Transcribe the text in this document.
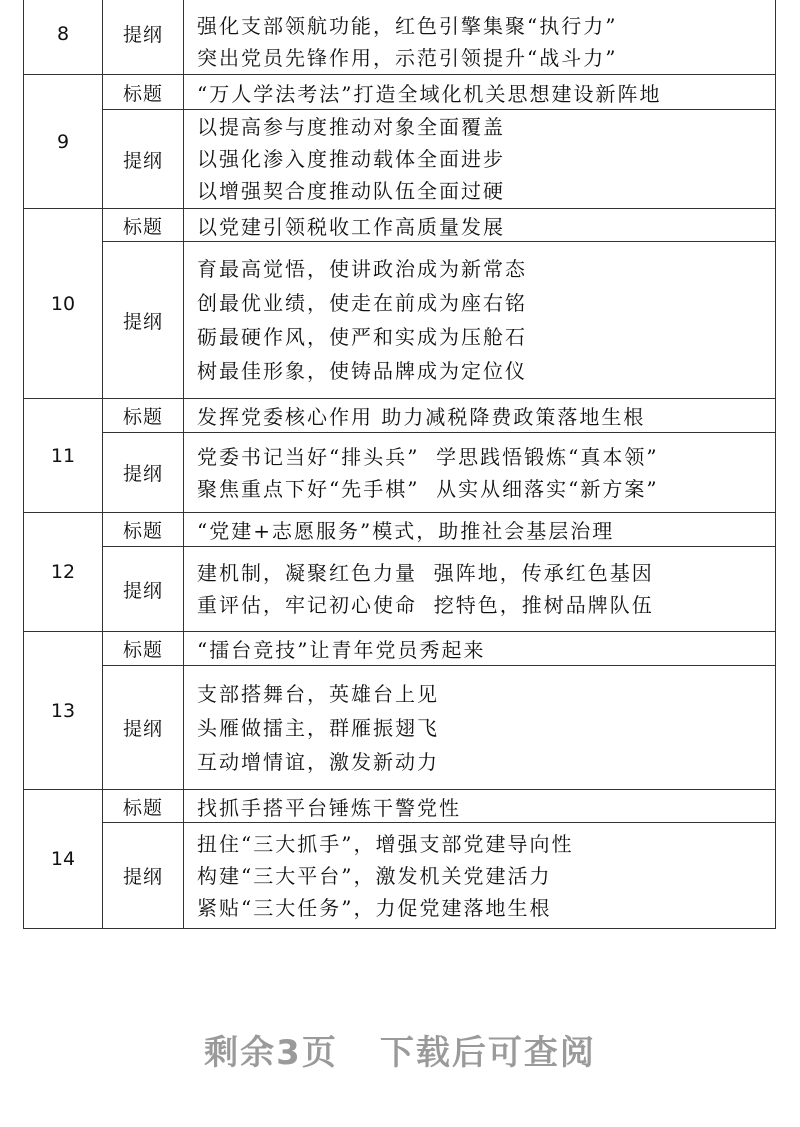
8	提纲	强化支部领航功能，红色引擎集聚“执行力”
突出党员先锋作用，示范引领提升“战斗力”

9	标题	“万人学法考法”打造全域化机关思想建设新阵地
	提纲	以提高参与度推动对象全面覆盖
以强化渗入度推动载体全面进步
以增强契合度推动队伍全面过硬

10	标题	以党建引领税收工作高质量发展
	提纲	育最高觉悟，使讲政治成为新常态
创最优业绩，使走在前成为座右铭
砺最硬作风，使严和实成为压舱石
树最佳形象，使铸品牌成为定位仪

11	标题	发挥党委核心作用 助力减税降费政策落地生根
	提纲	党委书记当好“排头兵”  学思践悟锻炼“真本领”
聚焦重点下好“先手棋”  从实从细落实“新方案”

12	标题	“党建+志愿服务”模式，助推社会基层治理
	提纲	建机制，凝聚红色力量  强阵地，传承红色基因
重评估，牢记初心使命  挖特色，推树品牌队伍

13	标题	“擂台竞技”让青年党员秀起来
	提纲	支部搭舞台，英雄台上见
头雁做擂主，群雁振翅飞
互动增情谊，激发新动力

14	标题	找抓手搭平台锤炼干警党性
	提纲	扭住“三大抓手”，增强支部党建导向性
构建“三大平台”，激发机关党建活力
紧贴“三大任务”，力促党建落地生根
剩余3页 下载后可查阅
